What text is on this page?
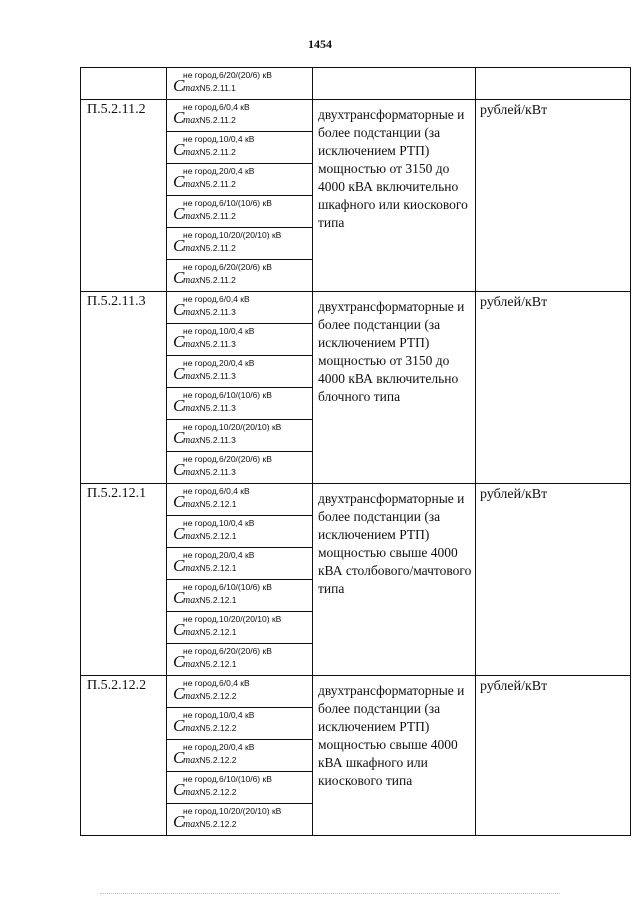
1454

	C
не город,6/20/(20/6) кВ
maxN5.2.11.1		

П.5.2.11.2	C
не город,6/0,4 кВ
maxN5.2.11.2	двухтрансформаторные и более подстанции (за исключением РТП) мощностью от 3150 до 4000 кВА включительно шкафного или киоскового типа	рублей/кВт

	C
не город,10/0,4 кВ
maxN5.2.11.2		

	C
не город,20/0,4 кВ
maxN5.2.11.2		

	C
не город,6/10/(10/6) кВ
maxN5.2.11.2		

	C
не город,10/20/(20/10) кВ
maxN5.2.11.2		

	C
не город,6/20/(20/6) кВ
maxN5.2.11.2		

П.5.2.11.3	C
не город,6/0,4 кВ
maxN5.2.11.3	двухтрансформаторные и более подстанции (за исключением РТП) мощностью от 3150 до 4000 кВА включительно блочного типа	рублей/кВт

	C
не город,10/0,4 кВ
maxN5.2.11.3		

	C
не город,20/0,4 кВ
maxN5.2.11.3		

	C
не город,6/10/(10/6) кВ
maxN5.2.11.3		

	C
не город,10/20/(20/10) кВ
maxN5.2.11.3		

	C
не город,6/20/(20/6) кВ
maxN5.2.11.3		

П.5.2.12.1	C
не город,6/0,4 кВ
maxN5.2.12.1	двухтрансформаторные и более подстанции (за исключением РТП) мощностью свыше 4000 кВА столбового/мачтового типа	рублей/кВт

	C
не город,10/0,4 кВ
maxN5.2.12.1		

	C
не город,20/0,4 кВ
maxN5.2.12.1		

	C
не город,6/10/(10/6) кВ
maxN5.2.12.1		

	C
не город,10/20/(20/10) кВ
maxN5.2.12.1		

	C
не город,6/20/(20/6) кВ
maxN5.2.12.1		

П.5.2.12.2	C
не город,6/0,4 кВ
maxN5.2.12.2	двухтрансформаторные и более подстанции (за исключением РТП) мощностью свыше 4000 кВА шкафного или киоскового типа	рублей/кВт

	C
не город,10/0,4 кВ
maxN5.2.12.2		

	C
не город,20/0,4 кВ
maxN5.2.12.2		

	C
не город,6/10/(10/6) кВ
maxN5.2.12.2		

	C
не город,10/20/(20/10) кВ
maxN5.2.12.2		
